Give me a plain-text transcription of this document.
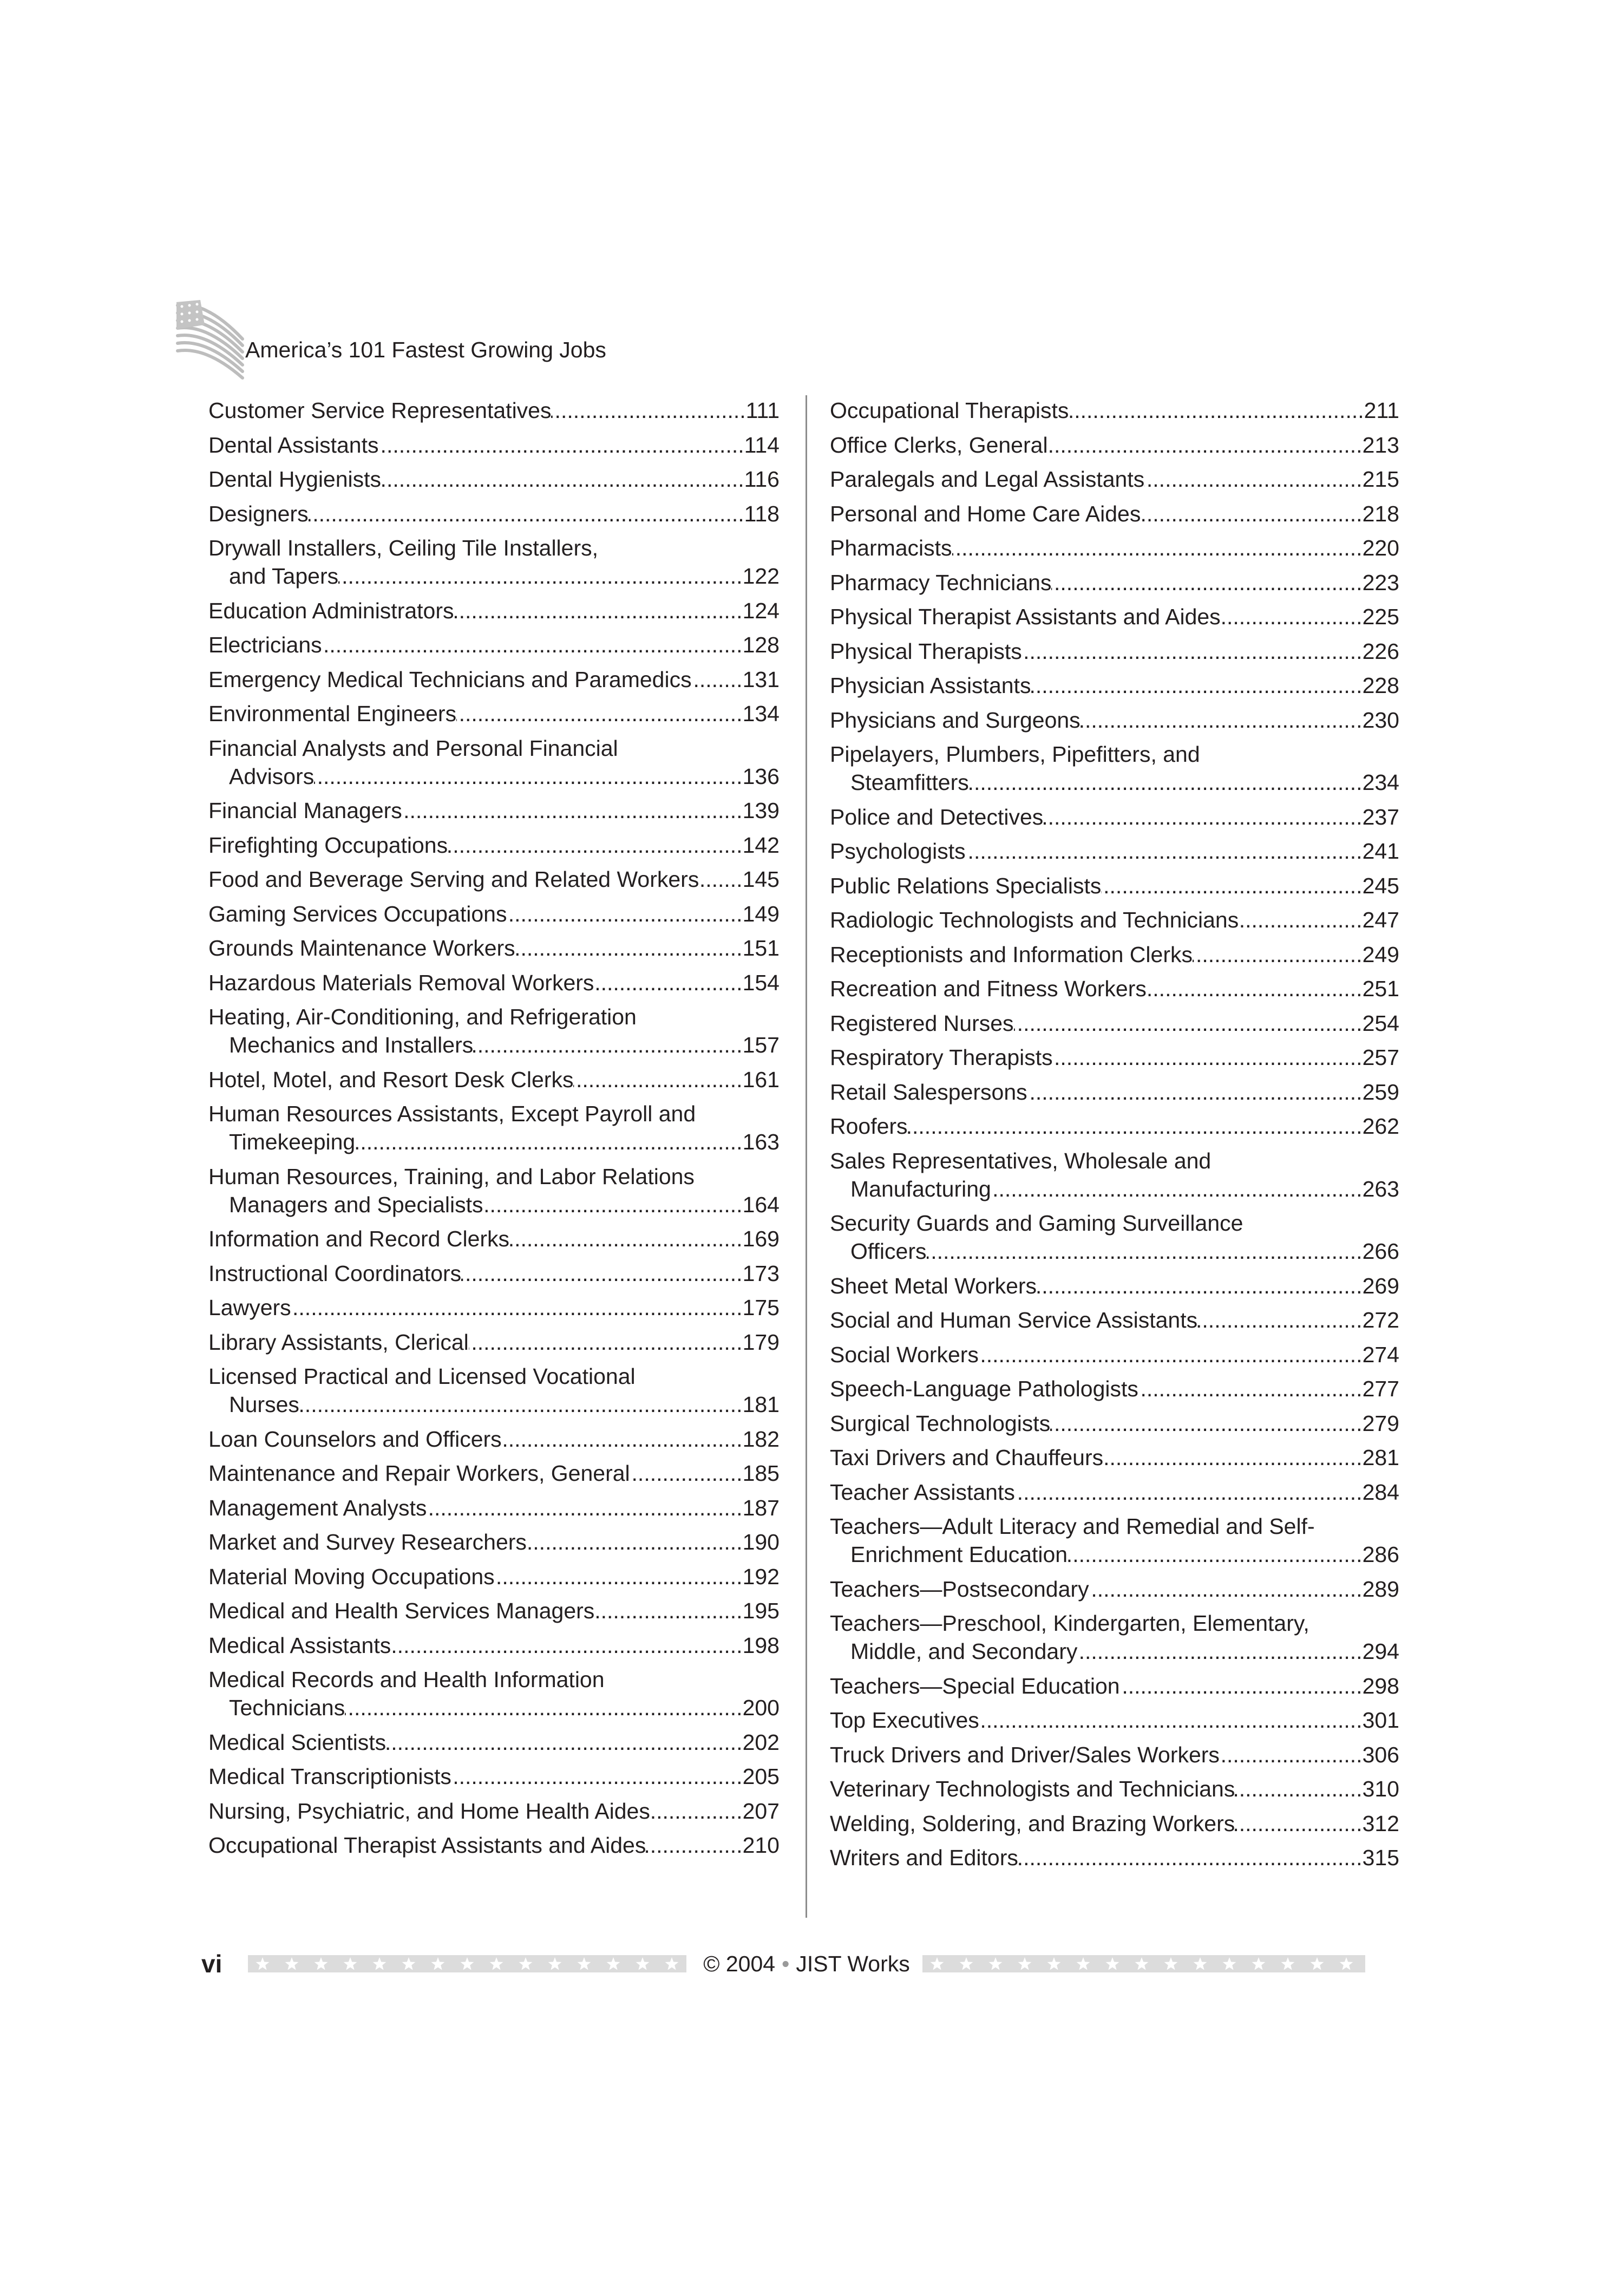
America’s 101 Fastest Growing Jobs
Customer Service Representatives .....	111
Dental Assistants .....	114
Dental Hygienists .....	116
Designers .....	118
Drywall Installers, Ceiling Tile Installers,
and Tapers .....	122
Education Administrators .....	124
Electricians .....	128
Emergency Medical Technicians and Paramedics ..... 131
Environmental Engineers .....	134
Financial Analysts and Personal Financial
Advisors .....	136
Financial Managers .....	139
Firefighting Occupations .....	142
Food and Beverage Serving and Related Workers ..... 145
Gaming Services Occupations .....	149
Grounds Maintenance Workers .....	151
Hazardous Materials Removal Workers .....	154
Heating, Air-Conditioning, and Refrigeration
Mechanics and Installers .....	157
Hotel, Motel, and Resort Desk Clerks .....	161
Human Resources Assistants, Except Payroll and
Timekeeping .....	163
Human Resources, Training, and Labor Relations
Managers and Specialists .....	164
Information and Record Clerks .....	169
Instructional Coordinators .....	173
Lawyers .....	175
Library Assistants, Clerical .....	179
Licensed Practical and Licensed Vocational
Nurses .....	181
Loan Counselors and Officers .....	182
Maintenance and Repair Workers, General .....	185
Management Analysts .....	187
Market and Survey Researchers .....	190
Material Moving Occupations .....	192
Medical and Health Services Managers .....	195
Medical Assistants .....	198
Medical Records and Health Information
Technicians .....	200
Medical Scientists .....	202
Medical Transcriptionists .....	205
Nursing, Psychiatric, and Home Health Aides .....	207
Occupational Therapist Assistants and Aides .....	210
Occupational Therapists .....	211
Office Clerks, General .....	213
Paralegals and Legal Assistants .....	215
Personal and Home Care Aides .....	218
Pharmacists .....	220
Pharmacy Technicians .....	223
Physical Therapist Assistants and Aides .....	225
Physical Therapists .....	226
Physician Assistants .....	228
Physicians and Surgeons .....	230
Pipelayers, Plumbers, Pipefitters, and
Steamfitters .....	234
Police and Detectives .....	237
Psychologists .....	241
Public Relations Specialists .....	245
Radiologic Technologists and Technicians .....	247
Receptionists and Information Clerks .....	249
Recreation and Fitness Workers .....	251
Registered Nurses .....	254
Respiratory Therapists .....	257
Retail Salespersons .....	259
Roofers .....	262
Sales Representatives, Wholesale and
Manufacturing .....	263
Security Guards and Gaming Surveillance
Officers .....	266
Sheet Metal Workers .....	269
Social and Human Service Assistants .....	272
Social Workers .....	274
Speech-Language Pathologists .....	277
Surgical Technologists .....	279
Taxi Drivers and Chauffeurs .....	281
Teacher Assistants .....	284
Teachers—Adult Literacy and Remedial and Self-
Enrichment Education .....	286
Teachers—Postsecondary .....	289
Teachers—Preschool, Kindergarten, Elementary,
Middle, and Secondary .....	294
Teachers—Special Education .....	298
Top Executives .....	301
Truck Drivers and Driver/Sales Workers .....	306
Veterinary Technologists and Technicians .....	310
Welding, Soldering, and Brazing Workers .....	312
Writers and Editors .....	315
vi	© 2004 • JIST Works
